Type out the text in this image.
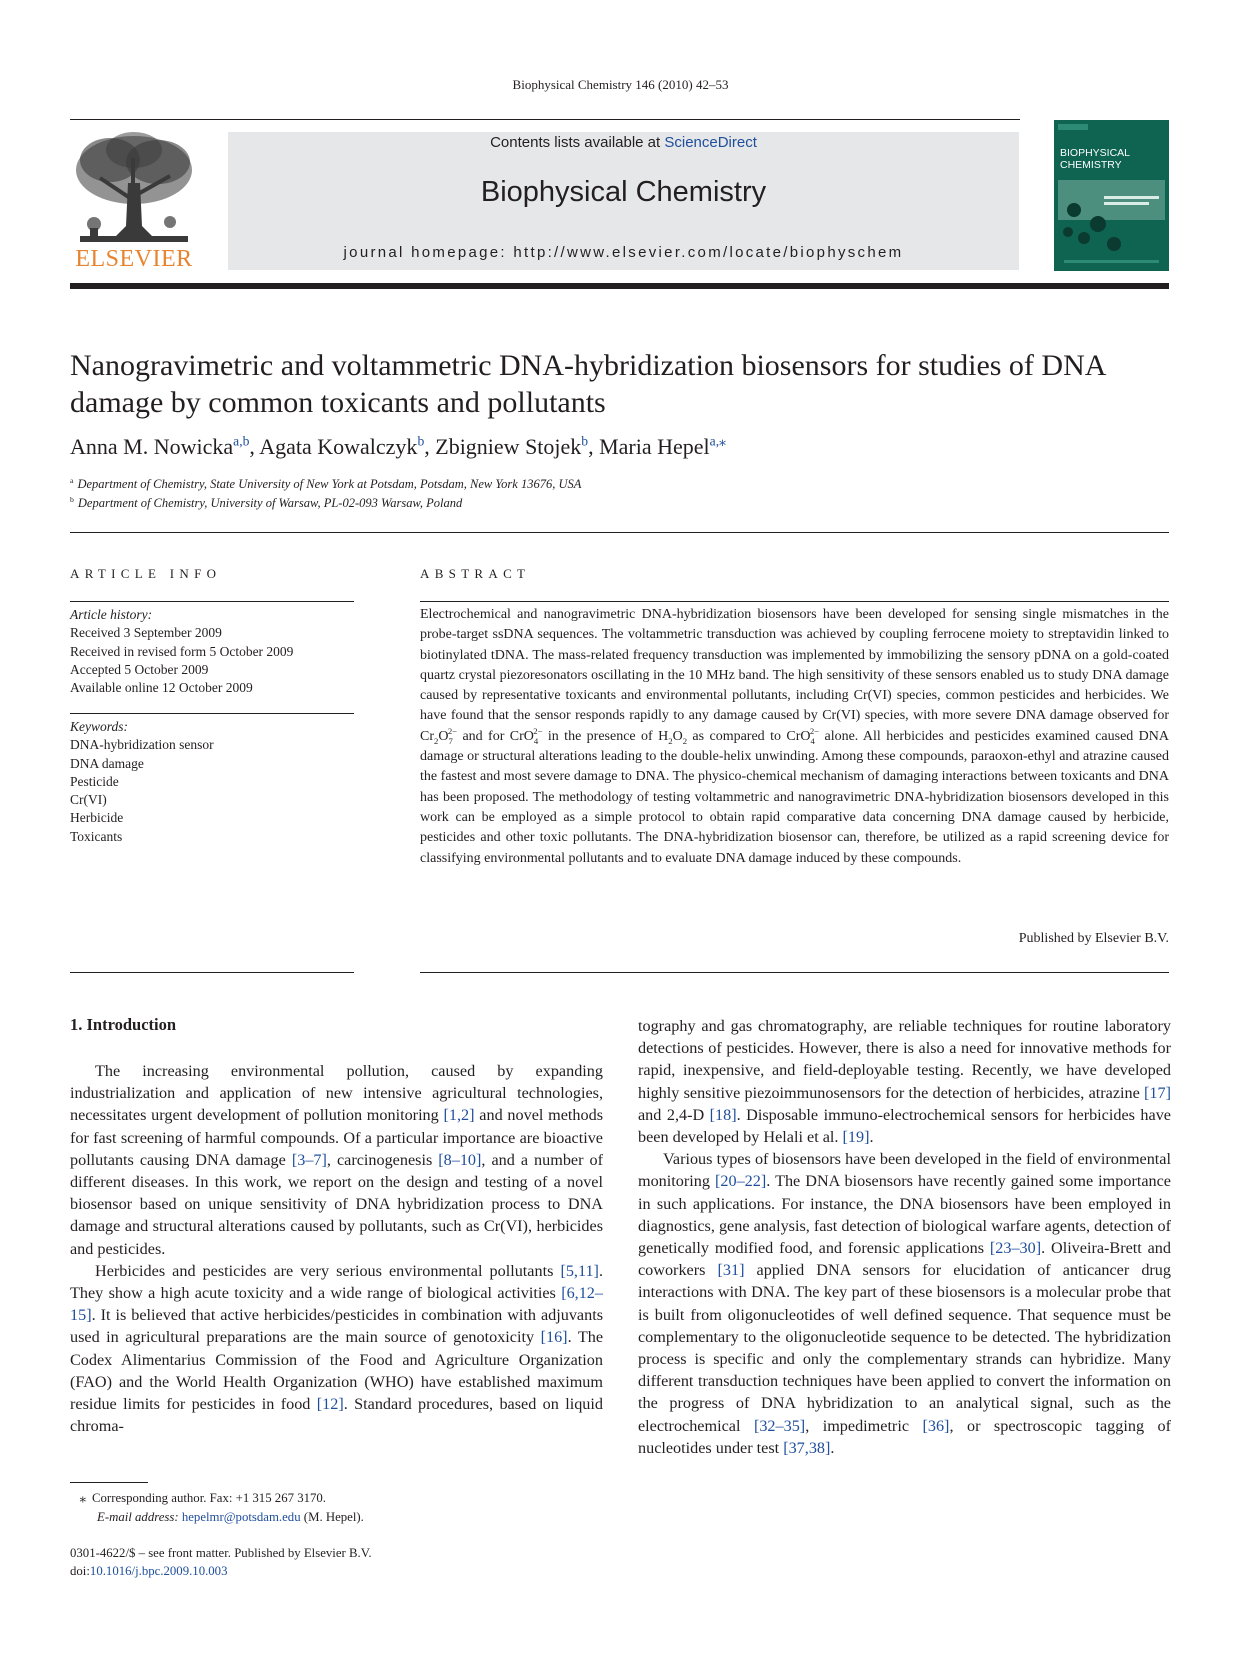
Biophysical Chemistry 146 (2010) 42–53
ELSEVIER
Contents lists available at ScienceDirect
Biophysical Chemistry
journal homepage: http://www.elsevier.com/locate/biophyschem
BIOPHYSICAL
CHEMISTRY
Nanogravimetric and voltammetric DNA-hybridization biosensors for studies of DNA damage by common toxicants and pollutants
Anna M. Nowicka$^{a,b}$, Agata Kowalczyk$^b$, Zbigniew Stojek$^b$, Maria Hepel$^{a,⁎}$
$^a$ Department of Chemistry, State University of New York at Potsdam, Potsdam, New York 13676, USA
$^b$ Department of Chemistry, University of Warsaw, PL-02-093 Warsaw, Poland
ARTICLE INFO	ABSTRACT
Article history:
Received 3 September 2009
Received in revised form 5 October 2009
Accepted 5 October 2009
Available online 12 October 2009
Keywords:
DNA-hybridization sensor
DNA damage
Pesticide
Cr(VI)
Herbicide
Toxicants
Electrochemical and nanogravimetric DNA-hybridization biosensors have been developed for sensing single mismatches in the probe-target ssDNA sequences. The voltammetric transduction was achieved by coupling ferrocene moiety to streptavidin linked to biotinylated tDNA. The mass-related frequency transduction was implemented by immobilizing the sensory pDNA on a gold-coated quartz crystal piezoresonators oscillating in the 10 MHz band. The high sensitivity of these sensors enabled us to study DNA damage caused by representative toxicants and environmental pollutants, including Cr(VI) species, common pesticides and herbicides. We have found that the sensor responds rapidly to any damage caused by Cr(VI) species, with more severe DNA damage observed for $Cr_2O_7^{2-}$ and for CrO$_4^{2-}$ in the presence of $H_2O_2$ as compared to CrO$_4^{2-}$ alone. All herbicides and pesticides examined caused DNA damage or structural alterations leading to the double-helix unwinding. Among these compounds, paraoxon-ethyl and atrazine caused the fastest and most severe damage to DNA. The physico-chemical mechanism of damaging interactions between toxicants and DNA has been proposed. The methodology of testing voltammetric and nanogravimetric DNA-hybridization biosensors developed in this work can be employed as a simple protocol to obtain rapid comparative data concerning DNA damage caused by herbicide, pesticides and other toxic pollutants. The DNA-hybridization biosensor can, therefore, be utilized as a rapid screening device for classifying environmental pollutants and to evaluate DNA damage induced by these compounds.
Published by Elsevier B.V.
1. Introduction

The increasing environmental pollution, caused by expanding industrialization and application of new intensive agricultural technologies, necessitates urgent development of pollution monitoring [1,2] and novel methods for fast screening of harmful compounds. Of a particular importance are bioactive pollutants causing DNA damage [3–7], carcinogenesis [8–10], and a number of different diseases. In this work, we report on the design and testing of a novel biosensor based on unique sensitivity of DNA hybridization process to DNA damage and structural alterations caused by pollutants, such as Cr(VI), herbicides and pesticides.

Herbicides and pesticides are very serious environmental pollutants [5,11]. They show a high acute toxicity and a wide range of biological activities [6,12–15]. It is believed that active herbicides/pesticides in combination with adjuvants used in agricultural preparations are the main source of genotoxicity [16]. The Codex Alimentarius Commission of the Food and Agriculture Organization (FAO) and the World Health Organization (WHO) have established maximum residue limits for pesticides in food [12]. Standard procedures, based on liquid chroma-

tography and gas chromatography, are reliable techniques for routine laboratory detections of pesticides. However, there is also a need for innovative methods for rapid, inexpensive, and field-deployable testing. Recently, we have developed highly sensitive piezoimmunosensors for the detection of herbicides, atrazine [17] and 2,4-D [18]. Disposable immuno-electrochemical sensors for herbicides have been developed by Helali et al. [19].

Various types of biosensors have been developed in the field of environmental monitoring [20–22]. The DNA biosensors have recently gained some importance in such applications. For instance, the DNA biosensors have been employed in diagnostics, gene analysis, fast detection of biological warfare agents, detection of genetically modified food, and forensic applications [23–30]. Oliveira-Brett and coworkers [31] applied DNA sensors for elucidation of anticancer drug interactions with DNA. The key part of these biosensors is a molecular probe that is built from oligonucleotides of well defined sequence. That sequence must be complementary to the oligonucleotide sequence to be detected. The hybridization process is specific and only the complementary strands can hybridize. Many different transduction techniques have been applied to convert the information on the progress of DNA hybridization to an analytical signal, such as the electrochemical [32–35], impedimetric [36], or spectroscopic tagging of nucleotides under test [37,38].

⁎ Corresponding author. Fax: +1 315 267 3170.
E-mail address: hepelmr@potsdam.edu (M. Hepel).
0301-4622/$ – see front matter. Published by Elsevier B.V.
doi:10.1016/j.bpc.2009.10.003
